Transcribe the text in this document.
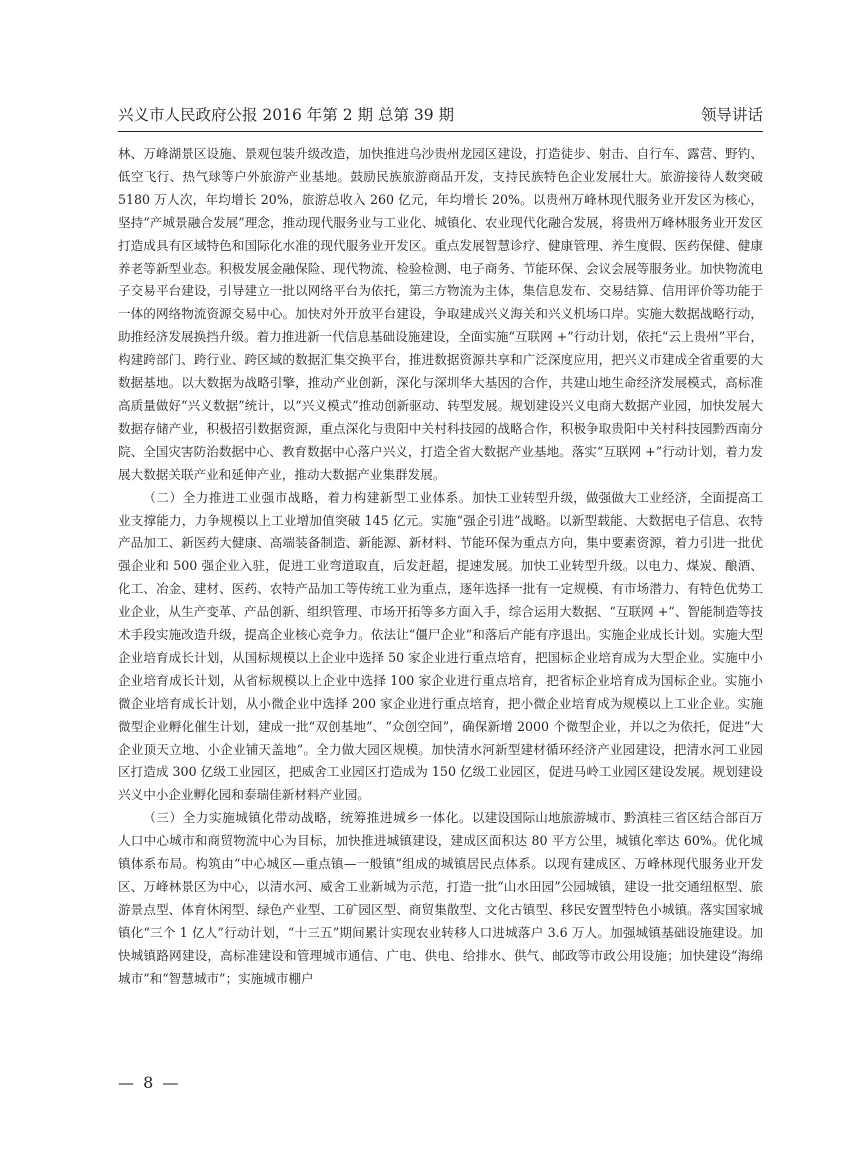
兴义市人民政府公报 2016 年第 2 期 总第 39 期	领导讲话

林、万峰湖景区设施、景观包装升级改造，加快推进乌沙贵州龙园区建设，打造徒步、射击、自行车、露营、野钓、低空飞行、热气球等户外旅游产业基地。鼓励民族旅游商品开发，支持民族特色企业发展壮大。旅游接待人数突破 5180 万人次，年均增长 20%，旅游总收入 260 亿元，年均增长 20%。以贵州万峰林现代服务业开发区为核心，坚持“产城景融合发展”理念，推动现代服务业与工业化、城镇化、农业现代化融合发展，将贵州万峰林服务业开发区打造成具有区域特色和国际化水准的现代服务业开发区。重点发展智慧诊疗、健康管理、养生度假、医药保健、健康养老等新型业态。积极发展金融保险、现代物流、检验检测、电子商务、节能环保、会议会展等服务业。加快物流电子交易平台建设，引导建立一批以网络平台为依托，第三方物流为主体，集信息发布、交易结算、信用评价等功能于一体的网络物流资源交易中心。加快对外开放平台建设，争取建成兴义海关和兴义机场口岸。实施大数据战略行动，助推经济发展换挡升级。着力推进新一代信息基础设施建设，全面实施“互联网 +”行动计划，依托“云上贵州”平台，构建跨部门、跨行业、跨区域的数据汇集交换平台，推进数据资源共享和广泛深度应用，把兴义市建成全省重要的大数据基地。以大数据为战略引擎，推动产业创新，深化与深圳华大基因的合作，共建山地生命经济发展模式，高标准高质量做好“兴义数据”统计，以“兴义模式”推动创新驱动、转型发展。规划建设兴义电商大数据产业园，加快发展大数据存储产业，积极招引数据资源，重点深化与贵阳中关村科技园的战略合作，积极争取贵阳中关村科技园黔西南分院、全国灾害防治数据中心、教育数据中心落户兴义，打造全省大数据产业基地。落实“互联网 +”行动计划，着力发展大数据关联产业和延伸产业，推动大数据产业集群发展。

（二）全力推进工业强市战略，着力构建新型工业体系。加快工业转型升级，做强做大工业经济，全面提高工业支撑能力，力争规模以上工业增加值突破 145 亿元。实施“强企引进”战略。以新型载能、大数据电子信息、农特产品加工、新医药大健康、高端装备制造、新能源、新材料、节能环保为重点方向，集中要素资源，着力引进一批优强企业和 500 强企业入驻，促进工业弯道取直，后发赶超，提速发展。加快工业转型升级。以电力、煤炭、酿酒、化工、冶金、建材、医药、农特产品加工等传统工业为重点，逐年选择一批有一定规模、有市场潜力、有特色优势工业企业，从生产变革、产品创新、组织管理、市场开拓等多方面入手，综合运用大数据、“互联网 +”、智能制造等技术手段实施改造升级，提高企业核心竞争力。依法让“僵尸企业”和落后产能有序退出。实施企业成长计划。实施大型企业培育成长计划，从国标规模以上企业中选择 50 家企业进行重点培育，把国标企业培育成为大型企业。实施中小企业培育成长计划，从省标规模以上企业中选择 100 家企业进行重点培育，把省标企业培育成为国标企业。实施小微企业培育成长计划，从小微企业中选择 200 家企业进行重点培育，把小微企业培育成为规模以上工业企业。实施微型企业孵化催生计划，建成一批“双创基地”、“众创空间”，确保新增 2000 个微型企业，并以之为依托，促进“大企业顶天立地、小企业铺天盖地”。全力做大园区规模。加快清水河新型建材循环经济产业园建设，把清水河工业园区打造成 300 亿级工业园区，把威舍工业园区打造成为 150 亿级工业园区，促进马岭工业园区建设发展。规划建设兴义中小企业孵化园和泰瑞佳新材料产业园。

（三）全力实施城镇化带动战略，统筹推进城乡一体化。以建设国际山地旅游城市、黔滇桂三省区结合部百万人口中心城市和商贸物流中心为目标，加快推进城镇建设，建成区面积达 80 平方公里，城镇化率达 60%。优化城镇体系布局。构筑由“中心城区—重点镇—一般镇”组成的城镇居民点体系。以现有建成区、万峰林现代服务业开发区、万峰林景区为中心，以清水河、威舍工业新城为示范，打造一批“山水田园”公园城镇，建设一批交通纽枢型、旅游景点型、体育休闲型、绿色产业型、工矿园区型、商贸集散型、文化古镇型、移民安置型特色小城镇。落实国家城镇化“三个 1 亿人”行动计划，“十三五”期间累计实现农业转移人口进城落户 3.6 万人。加强城镇基础设施建设。加快城镇路网建设，高标准建设和管理城市通信、广电、供电、给排水、供气、邮政等市政公用设施；加快建设“海绵城市”和“智慧城市”；实施城市棚户

— 8 —
